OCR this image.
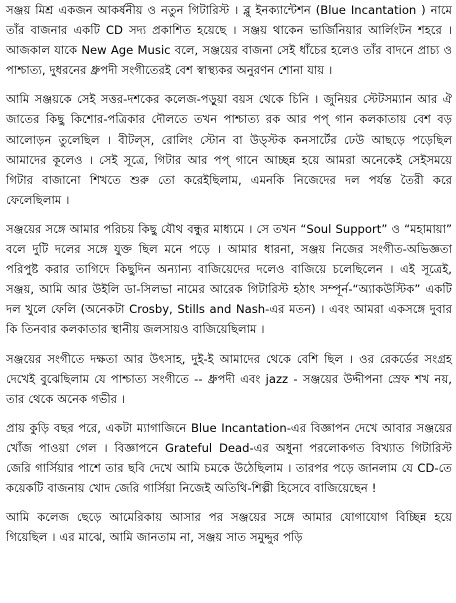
সঞ্জয় মিশ্র একজন আকর্ষনীয় ও নতুন গিটারিস্ট । ব্লু ইনক্যান্টেশন (Blue Incantation ) নামে তাঁর বাজনার একটি CD সদ্য প্রকাশিত হয়েছে । সঞ্জয় থাকেন ভার্জিনিয়ার আর্লিংটন শহরে । আজকাল যাকে New Age Music বলে, সঞ্জয়ের বাজনা সেই ধাঁচের হলেও তাঁর বাদনে প্রাচ্য ও পাশ্চাত্য, দুধরনের ধ্রুপদী সংগীতেরই বেশ স্বাস্থ্যকর অনুরণন শোনা যায় ।

আমি সঞ্জয়কে সেই সত্তর-দশকের কলেজ-পড়ুয়া বয়স থেকে চিনি । জুনিয়র স্টেটসম্যান আর ঐ জাতের কিছু কিশোর-পত্রিকার দৌলতে তখন পাশ্চাত্য রক আর পপ্ গান কলকাতায় বেশ বড় আলোড়ন তুলেছিল । বীটল্‌স, রোলিং স্টোন বা উড্‌স্টক কনসার্টের ঢেউ আছড়ে পড়েছিল আমাদের কূলেও । সেই সূত্রে, গিটার আর পপ্ গানে আচ্ছন্ন হয়ে আমরা অনেকেই সেইসময়ে গিটার বাজানো শিখতে শুরু তো করেইছিলাম, এমনকি নিজেদের দল পর্যন্ত তৈরী করে ফেলেছিলাম ।

সঞ্জয়ের সঙ্গে আমার পরিচয় কিছু যৌথ বন্ধুর মাধ্যমে । সে তখন “Soul Support” ও “মহামায়া” বলে দুটি দলের সঙ্গে যুক্ত ছিল মনে পড়ে । আমার ধারনা, সঞ্জয় নিজের সংগীত-অভিজ্ঞতা পরিপুষ্ট করার তাগিদে কিছুদিন অন্যান্য বাজিয়েদের দলেও বাজিয়ে চলেছিলেন । এই সূত্রেই, সঞ্জয়, আমি আর উইলি ডা-সিলভা নামের আরেক গিটারিস্ট হঠাৎ সম্পূর্ন-“অ্যাকউস্টিক” একটি দল খুলে ফেলি (অনেকটা Crosby, Stills and Nash-এর মতন) । এবং আমরা একসঙ্গে দুবার কি তিনবার কলকাতার স্থানীয় জলসায়ও বাজিয়েছিলাম ।

সঞ্জয়ের সংগীতে দক্ষতা আর উৎসাহ, দুই-ই আমাদের থেকে বেশি ছিল । ওর রেকর্ডের সংগ্রহ দেখেই বুঝেছিলাম যে পাশ্চাত্য সংগীতে -- ধ্রুপদী এবং jazz - সঞ্জয়ের উদ্দীপনা স্রেফ শখ নয়, তার থেকে অনেক গভীর ।

প্রায় কুড়ি বছর পরে, একটা ম্যাগাজিনে Blue Incantation-এর বিজ্ঞাপন দেখে আবার সঞ্জয়ের খোঁজ পাওয়া গেল । বিজ্ঞাপনে Grateful Dead-এর অধুনা পরলোকগত বিখ্যাত গিটারিস্ট জেরি গার্সিয়ার পাশে তার ছবি দেখে আমি চমকে উঠেছিলাম । তারপর পড়ে জানলাম যে CD-তে কয়েকটি বাজনায় খোদ জেরি গার্সিয়া নিজেই অতিথি-শিল্পী হিসেবে বাজিয়েছেন !

আমি কলেজ ছেড়ে আমেরিকায় আসার পর সঞ্জয়ের সঙ্গে আমার যোগাযোগ বিচ্ছিন্ন হয়ে গিয়েছিল । এর মাঝে, আমি জানতাম না, সঞ্জয় সাত সমুদ্দুর পড়ি
